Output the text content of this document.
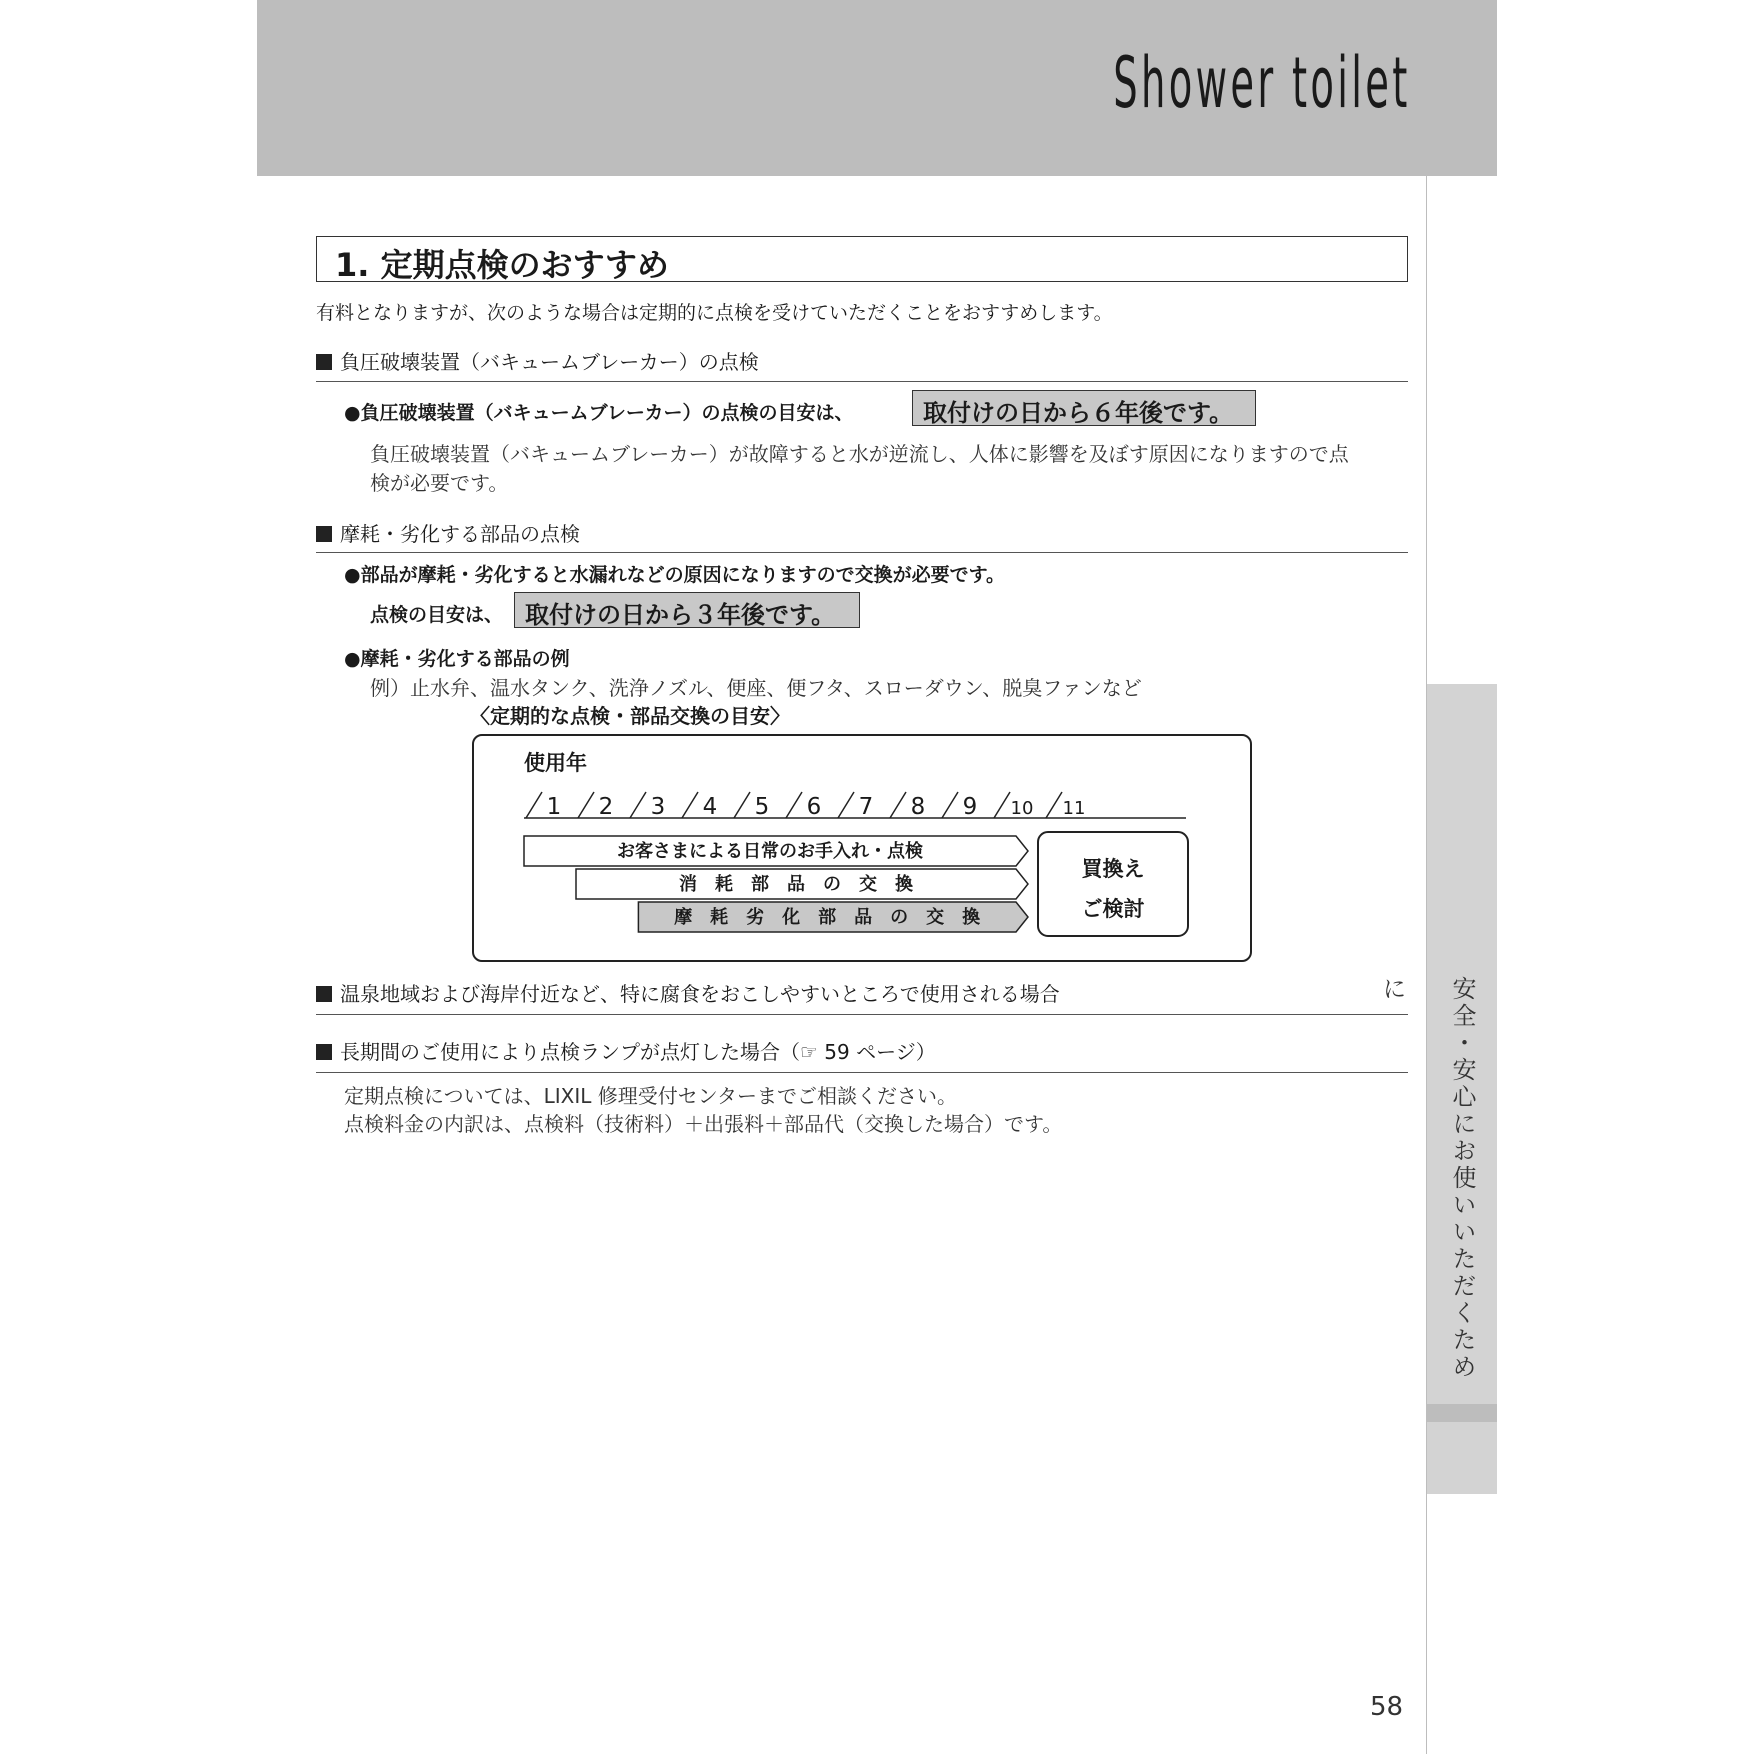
Shower toilet
安全・安心にお使いいただくために
1. 定期点検のおすすめ
有料となりますが、次のような場合は定期的に点検を受けていただくことをおすすめします。
負圧破壊装置（バキュームブレーカー）の点検
●負圧破壊装置（バキュームブレーカー）の点検の目安は、	取付けの日から６年後です。
負圧破壊装置（バキュームブレーカー）が故障すると水が逆流し、人体に影響を及ぼす原因になりますので点
検が必要です。
摩耗・劣化する部品の点検
●部品が摩耗・劣化すると水漏れなどの原因になりますので交換が必要です。
点検の目安は、 取付けの日から３年後です。
●摩耗・劣化する部品の例
例）止水弁、温水タンク、洗浄ノズル、便座、便フタ、スローダウン、脱臭ファンなど
〈定期的な点検・部品交換の目安〉
使用年
1 2 3 4 5 6 7 8 9 10 11
お客さまによる日常のお手入れ・点検
消　耗　部　品　の　交　換
摩　耗　劣　化　部　品　の　交　換
買換え
ご検討
温泉地域および海岸付近など、特に腐食をおこしやすいところで使用される場合
長期間のご使用により点検ランプが点灯した場合（☞ 59 ページ）
定期点検については、LIXIL 修理受付センターまでご相談ください。
点検料金の内訳は、点検料（技術料）＋出張料＋部品代（交換した場合）です。
58
